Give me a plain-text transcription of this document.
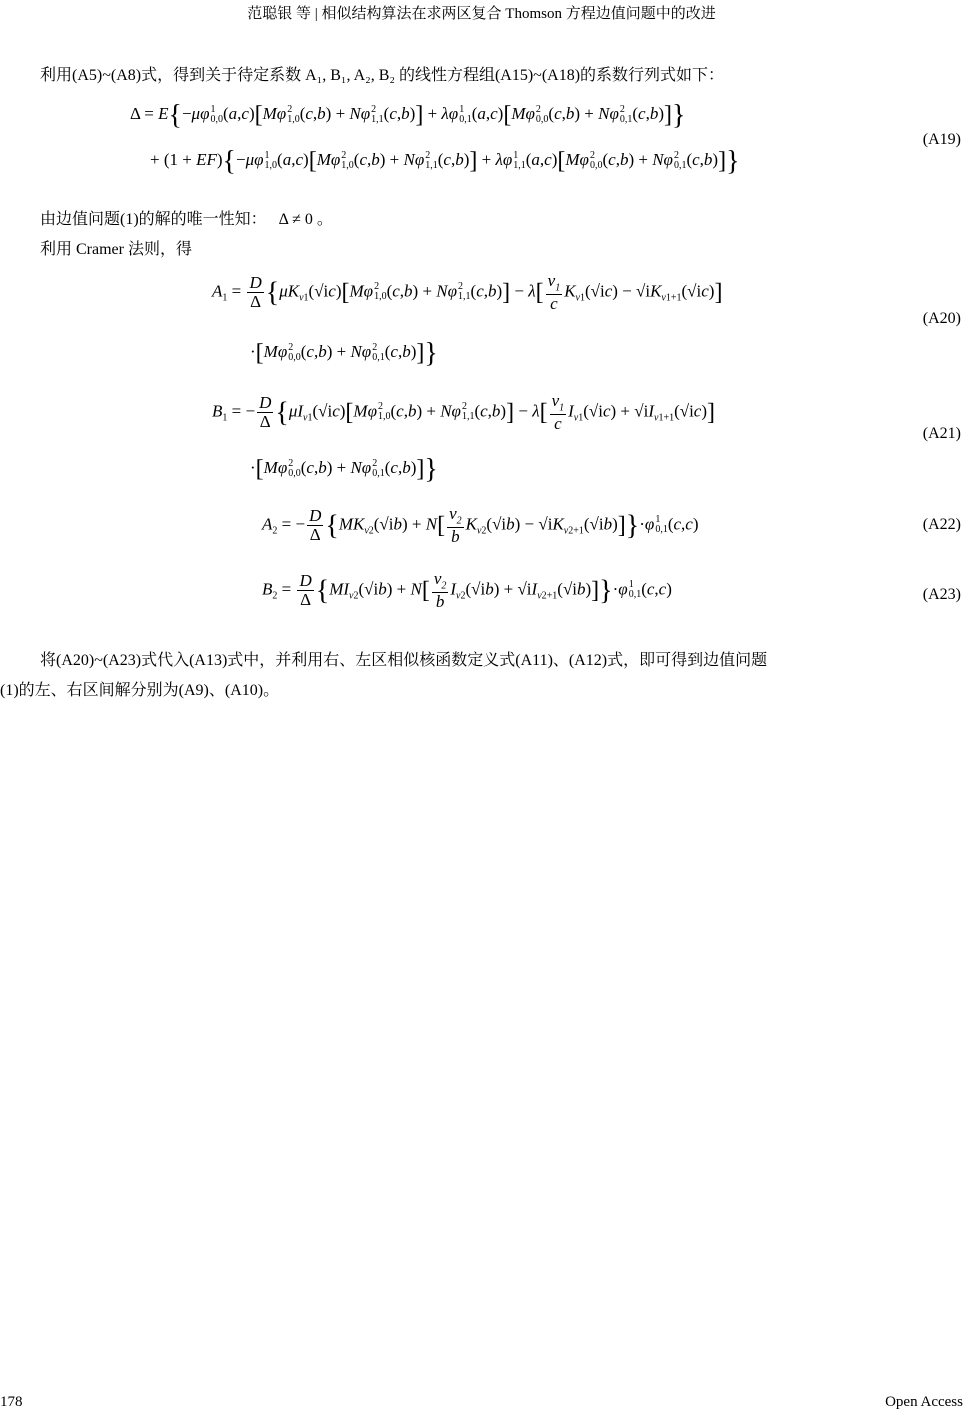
范聪银 等 | 相似结构算法在求两区复合 Thomson 方程边值问题中的改进
利用(A5)~(A8)式，得到关于待定系数 A₁, B₁, A₂, B₂ 的线性方程组(A15)~(A18)的系数行列式如下：
Δ = E{−μφ 1
0,0 (a,c)[Mφ 2
1,0 (c,b) + Nφ 2
1,1 (c,b)] + λφ 1
0,1 (a,c)[Mφ 2
0,0 (c,b) + Nφ 2
0,1 (c,b)]}
+ (1 + EF){−μφ 1
1,0 (a,c)[Mφ 2
1,0 (c,b) + Nφ 2
1,1 (c,b)] + λφ 1
1,1 (a,c)[Mφ 2
0,0 (c,b) + Nφ 2
0,1 (c,b)]}
(A19)
由边值问题(1)的解的唯一性知： Δ ≠ 0 。
利用 Cramer 法则，得
$A_1 = \frac{D}{\Delta} \{\mu K_{\nu 1}(√ic)[M\varphi$ 2
1,0 (c,b) + Nφ 2
1,1 $(c,b)] - \lambda[ \frac{\nu_1}{c} K_{\nu 1}(√ic) - √iK_{\nu 1+1}(√ic)]$
·[Mφ 2
0,0 (c,b) + Nφ 2
0,1 (c,b)]}
(A20)
$B_1$ = − $\frac{D}{\Delta} \{\mu I_{\nu 1}(√ic)[M\varphi$ 2
1,0 (c,b) + Nφ 2
1,1 $(c,b)] - \lambda[ \frac{\nu_1}{c} I_{\nu 1}(√ic) + √iI_{\nu 1+1}(√ic)]$
·[Mφ 2
0,0 (c,b) + Nφ 2
0,1 (c,b)]}
(A21)
$A_2$ = − $\frac{D}{\Delta} \{MK_{\nu 2}(√ib) + N[ \frac{\nu_2}{b} K_{\nu 2}(√ib) - √iK_{\nu 2+1}(√ib)]\}\cdot\varphi$ 1
0,1 (c,c)	(A22)
$B_2 = \frac{D}{\Delta} \{MI_{\nu 2}(√ib) + N[ \frac{\nu_2}{b} I_{\nu 2}(√ib) + √iI_{\nu 2+1}(√ib)]\}\cdot\varphi$ 1
0,1 (c,c)	(A23)
将(A20)~(A23)式代入(A13)式中，并利用右、左区相似核函数定义式(A11)、(A12)式，即可得到边值问题
(1)的左、右区间解分别为(A9)、(A10)。
178	Open Access
